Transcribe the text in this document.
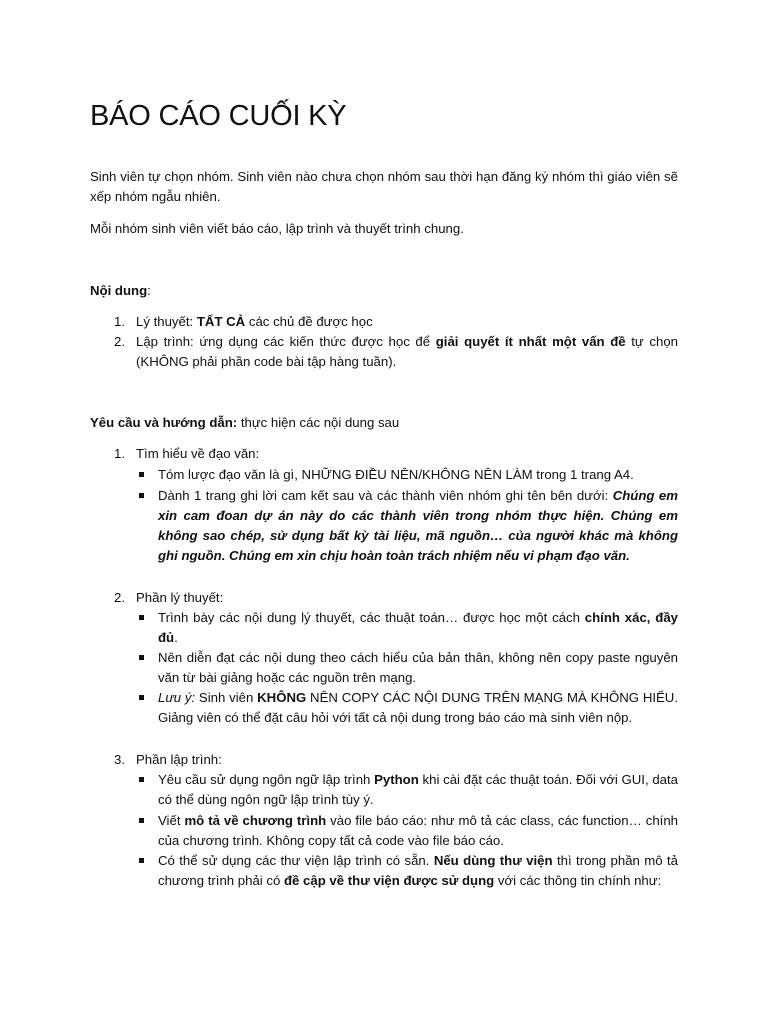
BÁO CÁO CUỐI KỲ
Sinh viên tự chọn nhóm. Sinh viên nào chưa chọn nhóm sau thời hạn đăng ký nhóm thì giáo viên sẽ xếp nhóm ngẫu nhiên.
Mỗi nhóm sinh viên viết báo cáo, lập trình và thuyết trình chung.
Nội dung:
1. Lý thuyết: TẤT CẢ các chủ đề được học
2. Lập trình: ứng dụng các kiến thức được học để giải quyết ít nhất một vấn đề tự chọn (KHÔNG phải phần code bài tập hàng tuần).
Yêu cầu và hướng dẫn: thực hiện các nội dung sau
1. Tìm hiểu về đạo văn:
Tóm lược đạo văn là gì, NHỮNG ĐIỀU NÊN/KHÔNG NÊN LÀM trong 1 trang A4.
Dành 1 trang ghi lời cam kết sau và các thành viên nhóm ghi tên bên dưới: Chúng em xin cam đoan dự án này do các thành viên trong nhóm thực hiện. Chúng em không sao chép, sử dụng bất kỳ tài liệu, mã nguồn… của người khác mà không ghi nguồn. Chúng em xin chịu hoàn toàn trách nhiệm nếu vi phạm đạo văn.
2. Phần lý thuyết:
Trình bày các nội dung lý thuyết, các thuật toán… được học một cách chính xác, đầy đủ.
Nên diễn đạt các nội dung theo cách hiểu của bản thân, không nên copy paste nguyên văn từ bài giảng hoặc các nguồn trên mạng.
Lưu ý: Sinh viên KHÔNG NÊN COPY CÁC NỘI DUNG TRÊN MẠNG MÀ KHÔNG HIỂU. Giảng viên có thể đặt câu hỏi với tất cả nội dung trong báo cáo mà sinh viên nộp.
3. Phần lập trình:
Yêu cầu sử dụng ngôn ngữ lập trình Python khi cài đặt các thuật toán. Đối với GUI, data có thể dùng ngôn ngữ lập trình tùy ý.
Viết mô tả về chương trình vào file báo cáo: như mô tả các class, các function… chính của chương trình. Không copy tất cả code vào file báo cáo.
Có thể sử dụng các thư viện lập trình có sẵn. Nếu dùng thư viện thì trong phần mô tả chương trình phải có đề cập về thư viện được sử dụng với các thông tin chính như:
